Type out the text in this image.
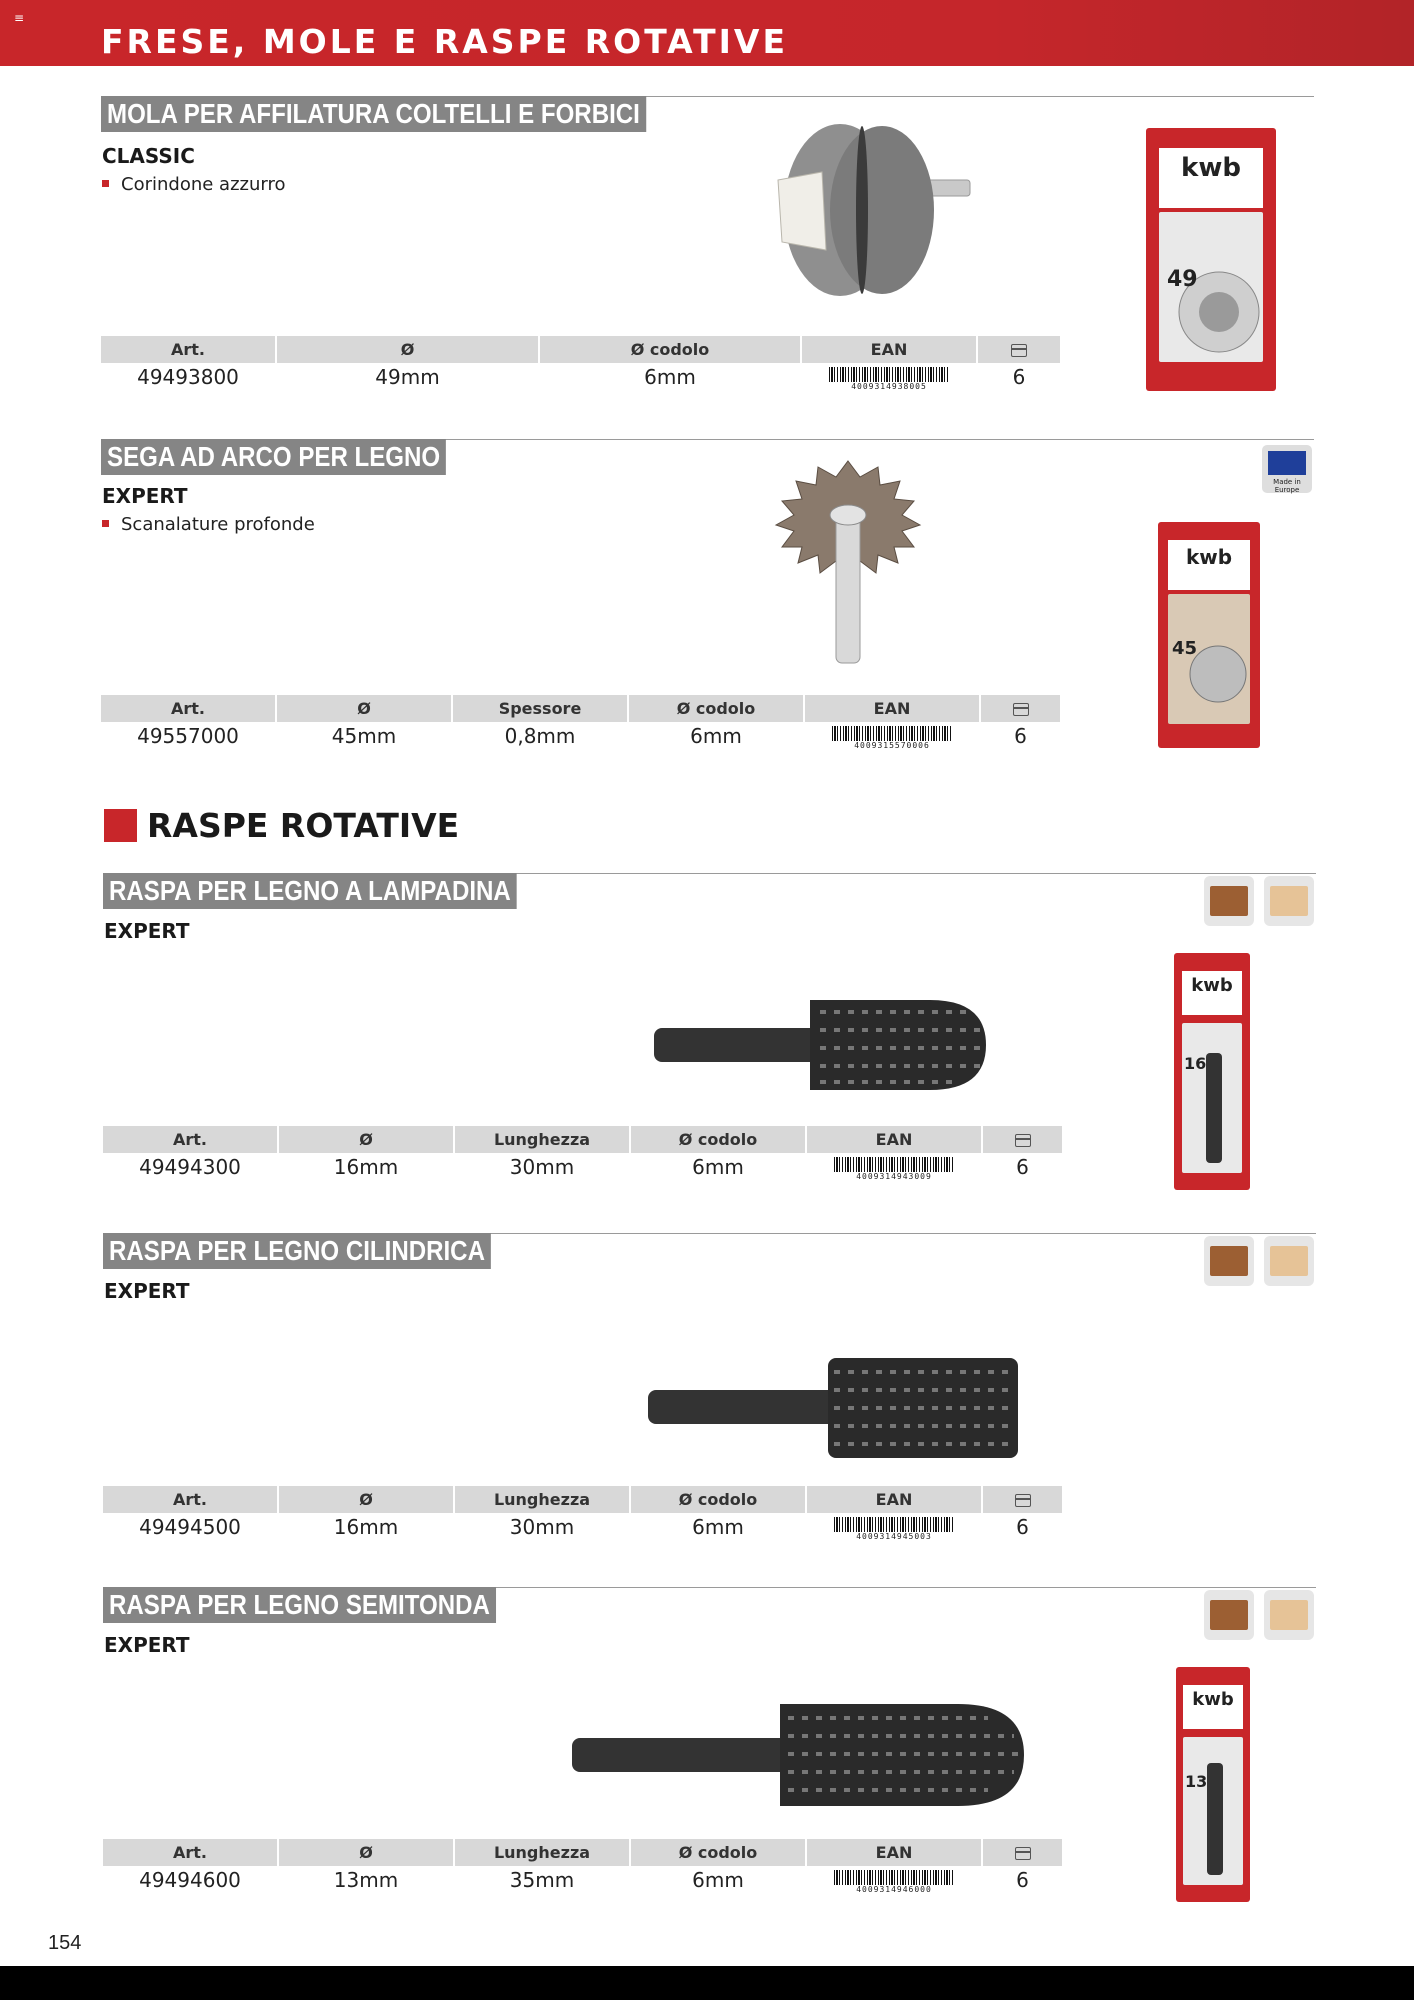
≡
FRESE, MOLE E RASPE ROTATIVE
MOLA PER AFFILATURA COLTELLI E FORBICI
CLASSIC
Corindone azzurro
Art.	Ø	Ø codolo	EAN
49493800	49mm	6mm	4009314938005	6
kwb
49
SEGA AD ARCO PER LEGNO
EXPERT
Scanalature profonde
Art.	Ø	Spessore	Ø codolo	EAN
49557000	45mm	0,8mm	6mm	4009315570006	6
Made in Europe
kwb
45
RASPE ROTATIVE
RASPA PER LEGNO A LAMPADINA
EXPERT
Art.	Ø	Lunghezza	Ø codolo	EAN
49494300	16mm	30mm	6mm	4009314943009	6
kwb
16
RASPA PER LEGNO CILINDRICA
EXPERT
Art.	Ø	Lunghezza	Ø codolo	EAN
49494500	16mm	30mm	6mm	4009314945003	6
RASPA PER LEGNO SEMITONDA
EXPERT
Art.	Ø	Lunghezza	Ø codolo	EAN
49494600	13mm	35mm	6mm	4009314946000	6
kwb
13
154
